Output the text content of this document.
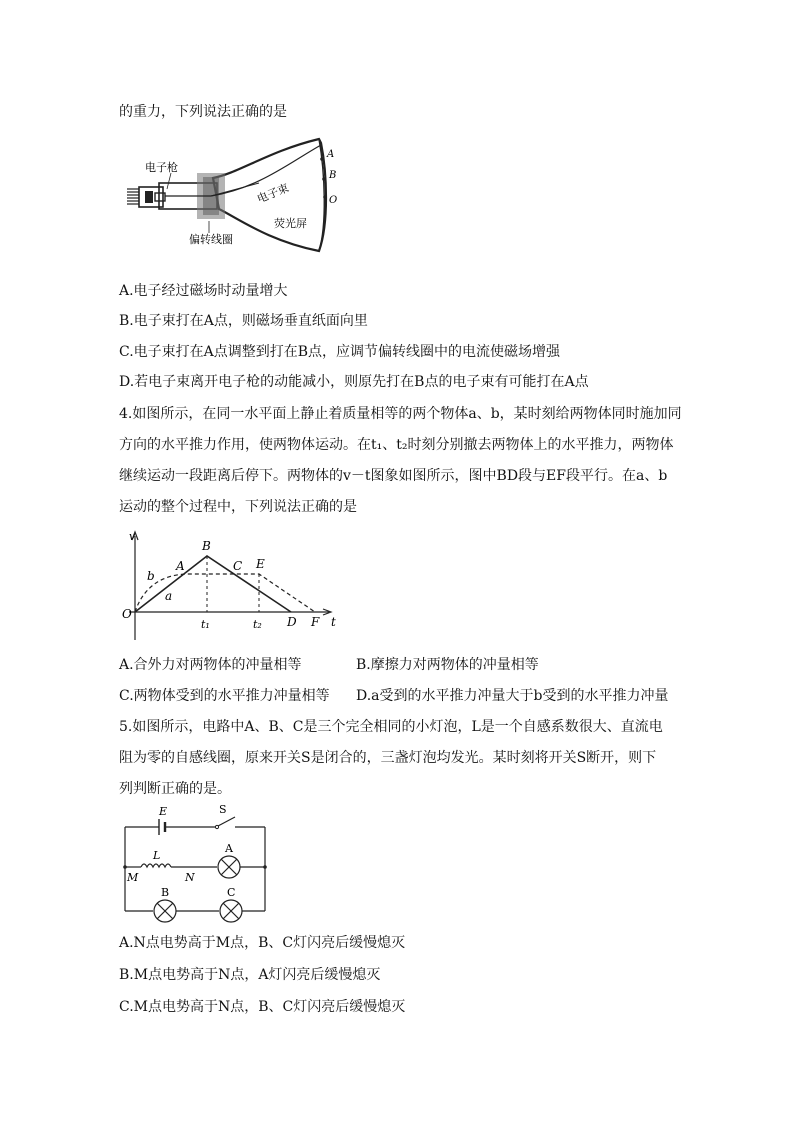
的重力，下列说法正确的是
电子枪
电子束
荧光屏
偏转线圈
A
B
O
A.电子经过磁场时动量增大
B.电子束打在A点，则磁场垂直纸面向里
C.电子束打在A点调整到打在B点，应调节偏转线圈中的电流使磁场增强
D.若电子束离开电子枪的动能减小，则原先打在B点的电子束有可能打在A点
4.如图所示，在同一水平面上静止着质量相等的两个物体a、b，某时刻给两物体同时施加同
方向的水平推力作用，使两物体运动。在t₁、t₂时刻分别撤去两物体上的水平推力，两物体
继续运动一段距离后停下。两物体的v－t图象如图所示，图中BD段与EF段平行。在a、b
运动的整个过程中，下列说法正确的是
v
t
O
A
B
C E
D F
a
b
t₁	t₂
A.合外力对两物体的冲量相等	B.摩擦力对两物体的冲量相等
C.两物体受到的水平推力冲量相等 D.a受到的水平推力冲量大于b受到的水平推力冲量
5.如图所示，电路中A、B、C是三个完全相同的小灯泡，L是一个自感系数很大、直流电
阻为零的自感线圈，原来开关S是闭合的，三盏灯泡均发光。某时刻将开关S断开，则下
列判断正确的是。
E	S
L
M	N
A
B	C
A.N点电势高于M点，B、C灯闪亮后缓慢熄灭
B.M点电势高于N点，A灯闪亮后缓慢熄灭
C.M点电势高于N点，B、C灯闪亮后缓慢熄灭
